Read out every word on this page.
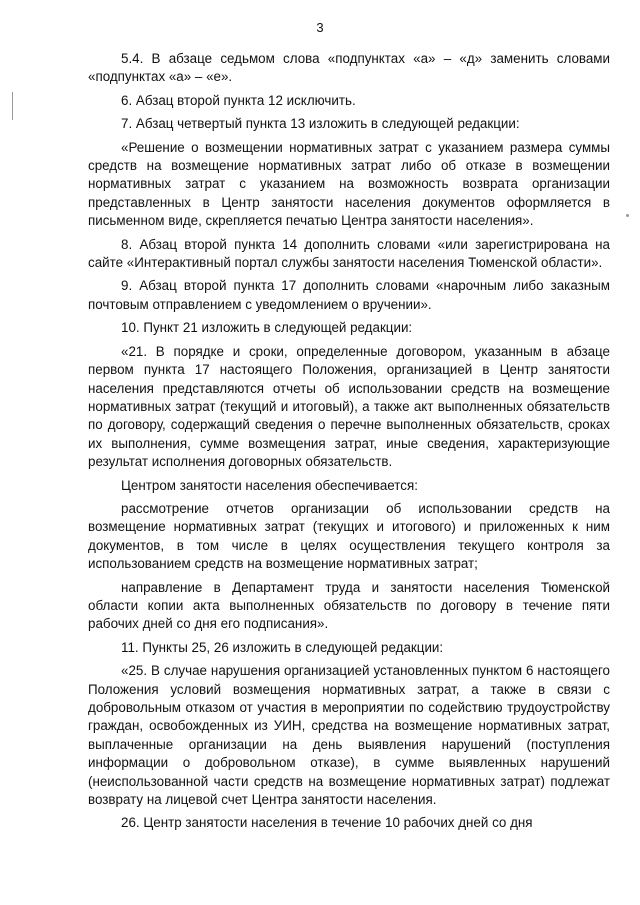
3

5.4. В абзаце седьмом слова «подпунктах «а» – «д» заменить словами «подпунктах «а» – «е».

6. Абзац второй пункта 12 исключить.

7. Абзац четвертый пункта 13 изложить в следующей редакции:

«Решение о возмещении нормативных затрат с указанием размера суммы средств на возмещение нормативных затрат либо об отказе в возмещении нормативных затрат с указанием на возможность возврата организации представленных в Центр занятости населения документов оформляется в письменном виде, скрепляется печатью Центра занятости населения».

8. Абзац второй пункта 14 дополнить словами «или зарегистрирована на сайте «Интерактивный портал службы занятости населения Тюменской области».

9. Абзац второй пункта 17 дополнить словами «нарочным либо заказным почтовым отправлением с уведомлением о вручении».

10. Пункт 21 изложить в следующей редакции:

«21. В порядке и сроки, определенные договором, указанным в абзаце первом пункта 17 настоящего Положения, организацией в Центр занятости населения представляются отчеты об использовании средств на возмещение нормативных затрат (текущий и итоговый), а также акт выполненных обязательств по договору, содержащий сведения о перечне выполненных обязательств, сроках их выполнения, сумме возмещения затрат, иные сведения, характеризующие результат исполнения договорных обязательств.

Центром занятости населения обеспечивается:

рассмотрение отчетов организации об использовании средств на возмещение нормативных затрат (текущих и итогового) и приложенных к ним документов, в том числе в целях осуществления текущего контроля за использованием средств на возмещение нормативных затрат;

направление в Департамент труда и занятости населения Тюменской области копии акта выполненных обязательств по договору в течение пяти рабочих дней со дня его подписания».

11. Пункты 25, 26 изложить в следующей редакции:

«25. В случае нарушения организацией установленных пунктом 6 настоящего Положения условий возмещения нормативных затрат, а также в связи с добровольным отказом от участия в мероприятии по содействию трудоустройству граждан, освобожденных из УИН, средства на возмещение нормативных затрат, выплаченные организации на день выявления нарушений (поступления информации о добровольном отказе), в сумме выявленных нарушений (неиспользованной части средств на возмещение нормативных затрат) подлежат возврату на лицевой счет Центра занятости населения.

26. Центр занятости населения в течение 10 рабочих дней со дня
